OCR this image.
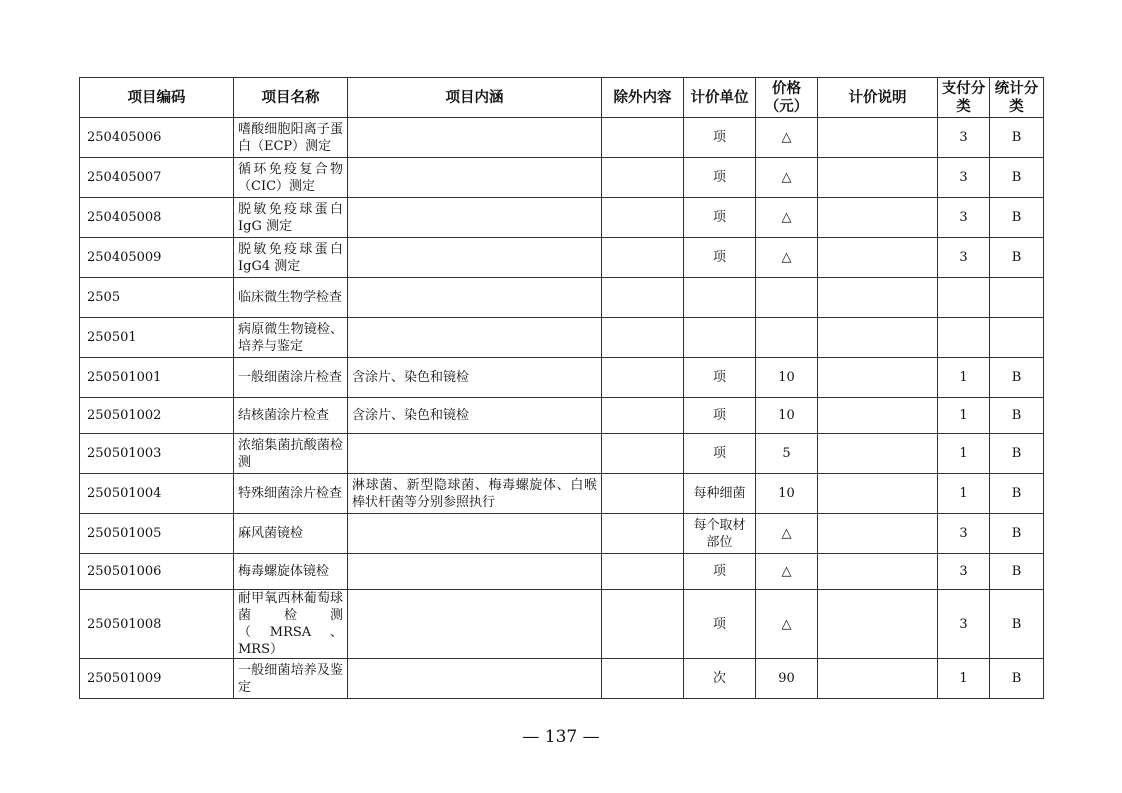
项目编码	项目名称	项目内涵	除外内容	计价单位	价格（元）	计价说明	支付分类	统计分类
250405006	嗜酸细胞阳离子蛋白（ECP）测定			项	△		3	B
250405007	循环免疫复合物（CIC）测定			项	△		3	B
250405008	脱敏免疫球蛋白IgG 测定			项	△		3	B
250405009	脱敏免疫球蛋白IgG4 测定			项	△		3	B
2505	临床微生物学检查							
250501	病原微生物镜检、培养与鉴定							
250501001	一般细菌涂片检查	含涂片、染色和镜检		项	10		1	B
250501002	结核菌涂片检查	含涂片、染色和镜检		项	10		1	B
250501003	浓缩集菌抗酸菌检测			项	5		1	B
250501004	特殊细菌涂片检查	淋球菌、新型隐球菌、梅毒螺旋体、白喉棒状杆菌等分别参照执行		每种细菌	10		1	B
250501005	麻风菌镜检			每个取材部位	△		3	B
250501006	梅毒螺旋体镜检			项	△		3	B
250501008	耐甲氧西林葡萄球菌检测（MRSA、MRS）			项	△		3	B
250501009	一般细菌培养及鉴定			次	90		1	B
— 137 —
